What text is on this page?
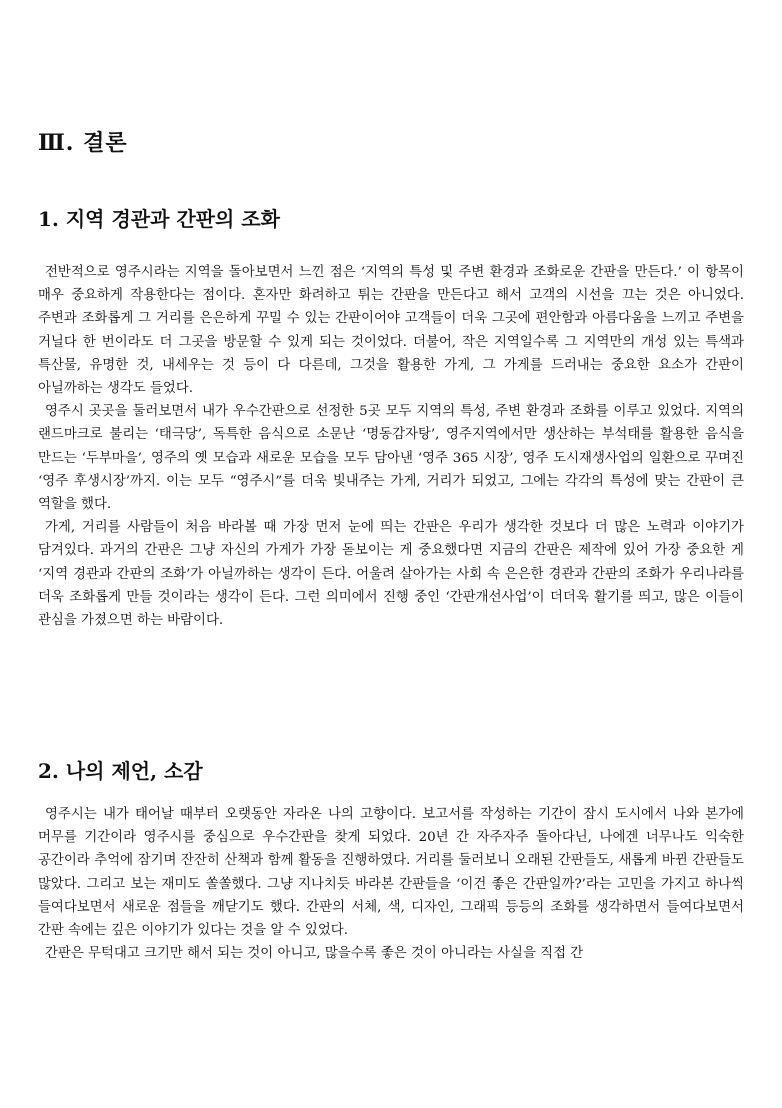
Ⅲ. 결론
1. 지역 경관과 간판의 조화

전반적으로 영주시라는 지역을 돌아보면서 느낀 점은 ‘지역의 특성 및 주변 환경과 조화로운 간판을 만든다.’ 이 항목이 매우 중요하게 작용한다는 점이다. 혼자만 화려하고 튀는 간판을 만든다고 해서 고객의 시선을 끄는 것은 아니었다. 주변과 조화롭게 그 거리를 은은하게 꾸밀 수 있는 간판이어야 고객들이 더욱 그곳에 편안함과 아름다움을 느끼고 주변을 거닐다 한 번이라도 더 그곳을 방문할 수 있게 되는 것이었다. 더불어, 작은 지역일수록 그 지역만의 개성 있는 특색과 특산물, 유명한 것, 내세우는 것 등이 다 다른데, 그것을 활용한 가게, 그 가게를 드러내는 중요한 요소가 간판이 아닐까하는 생각도 들었다.

영주시 곳곳을 둘러보면서 내가 우수간판으로 선정한 5곳 모두 지역의 특성, 주변 환경과 조화를 이루고 있었다. 지역의 랜드마크로 불리는 ‘태극당’, 독특한 음식으로 소문난 ‘명동감자탕’, 영주지역에서만 생산하는 부석태를 활용한 음식을 만드는 ‘두부마을’, 영주의 옛 모습과 새로운 모습을 모두 담아낸 ‘영주 365 시장’, 영주 도시재생사업의 일환으로 꾸며진 ‘영주 후생시장’까지. 이는 모두 “영주시”를 더욱 빛내주는 가게, 거리가 되었고, 그에는 각각의 특성에 맞는 간판이 큰 역할을 했다.

가게, 거리를 사람들이 처음 바라볼 때 가장 먼저 눈에 띄는 간판은 우리가 생각한 것보다 더 많은 노력과 이야기가 담겨있다. 과거의 간판은 그냥 자신의 가게가 가장 돋보이는 게 중요했다면 지금의 간판은 제작에 있어 가장 중요한 게 ‘지역 경관과 간판의 조화’가 아닐까하는 생각이 든다. 어울려 살아가는 사회 속 은은한 경관과 간판의 조화가 우리나라를 더욱 조화롭게 만들 것이라는 생각이 든다. 그런 의미에서 진행 중인 ‘간판개선사업’이 더더욱 활기를 띄고, 많은 이들이 관심을 가졌으면 하는 바람이다.

2. 나의 제언, 소감

영주시는 내가 태어날 때부터 오랫동안 자라온 나의 고향이다. 보고서를 작성하는 기간이 잠시 도시에서 나와 본가에 머무를 기간이라 영주시를 중심으로 우수간판을 찾게 되었다. 20년 간 자주자주 돌아다닌, 나에겐 너무나도 익숙한 공간이라 추억에 잠기며 잔잔히 산책과 함께 활동을 진행하였다. 거리를 둘러보니 오래된 간판들도, 새롭게 바뀐 간판들도 많았다. 그리고 보는 재미도 쏠쏠했다. 그냥 지나치듯 바라본 간판들을 ‘이건 좋은 간판일까?’라는 고민을 가지고 하나씩 들여다보면서 새로운 점들을 깨닫기도 했다. 간판의 서체, 색, 디자인, 그래픽 등등의 조화를 생각하면서 들여다보면서 간판 속에는 깊은 이야기가 있다는 것을 알 수 있었다.

간판은 무턱대고 크기만 해서 되는 것이 아니고, 많을수록 좋은 것이 아니라는 사실을 직접 간
